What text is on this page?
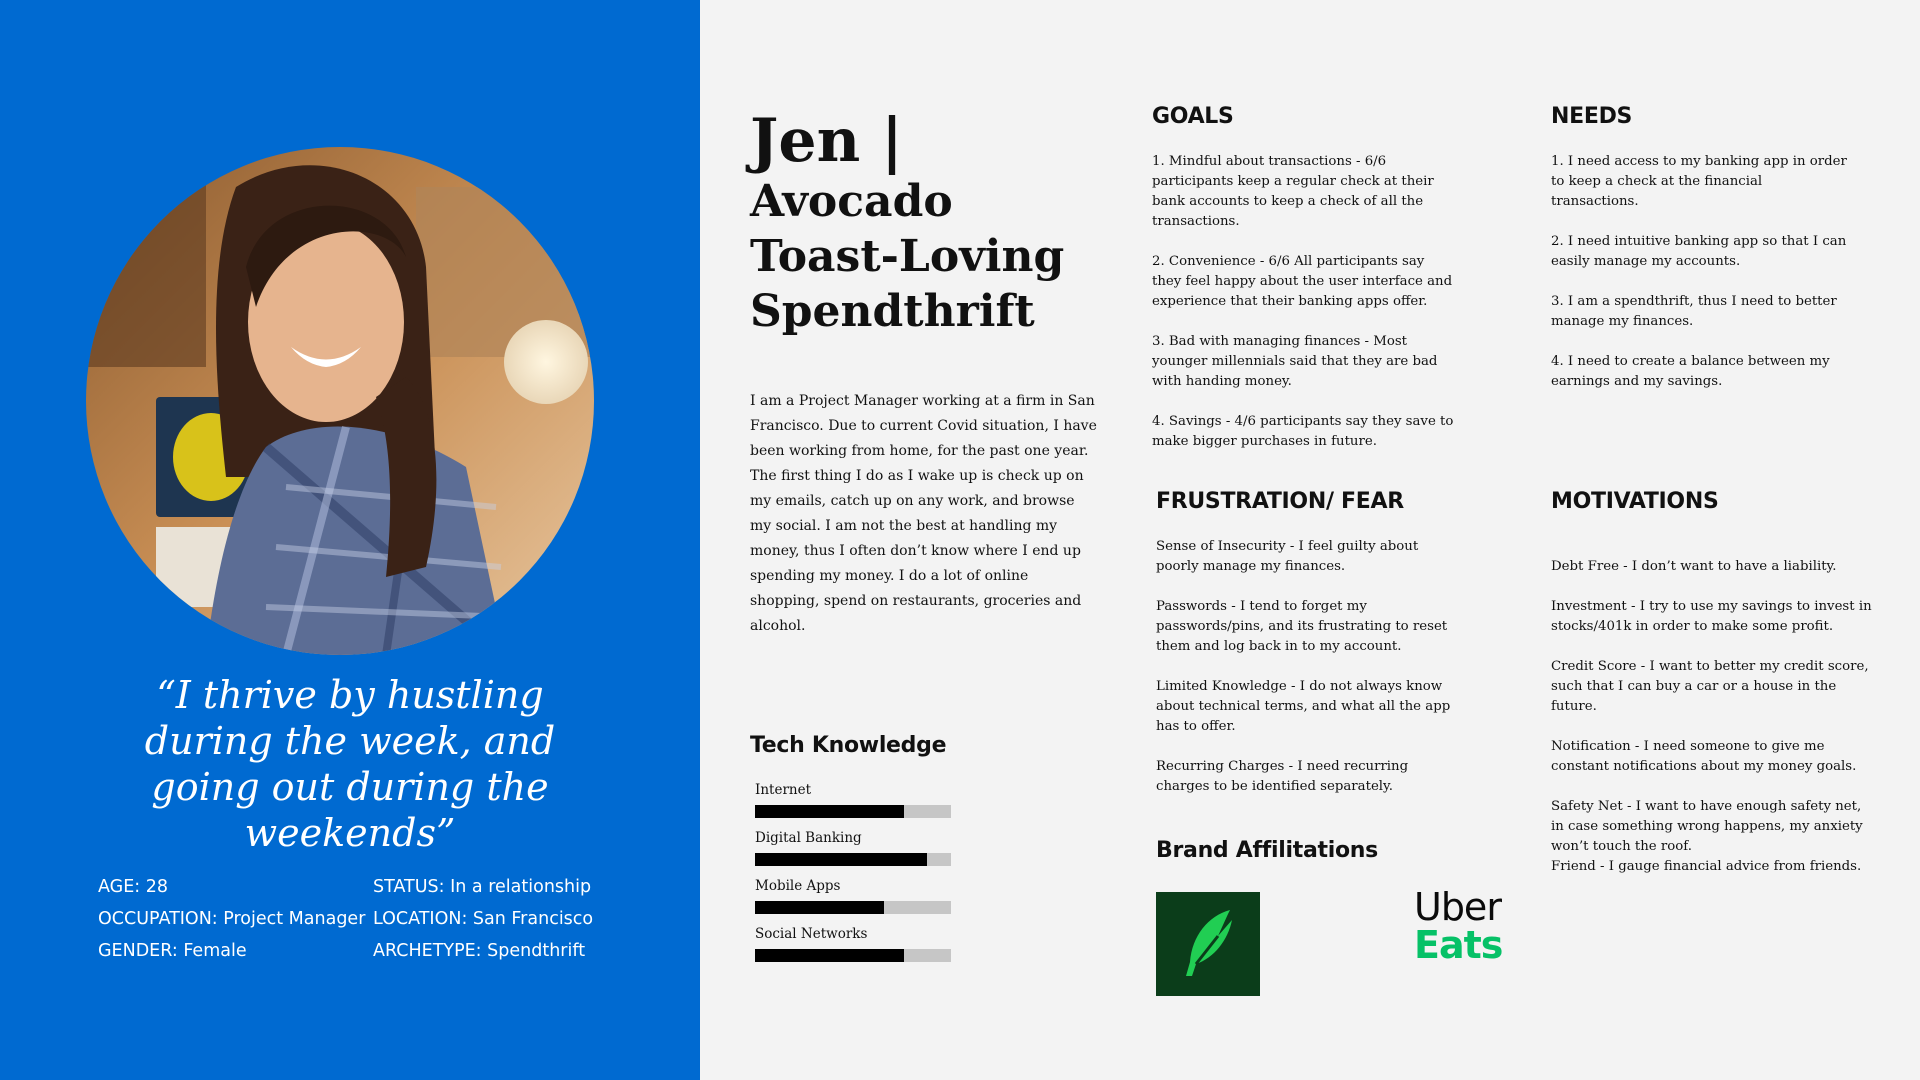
“I thrive by hustling during the week, and going out during the weekends”
AGE: 28
OCCUPATION: Project Manager
GENDER: Female
STATUS: In a relationship
LOCATION: San Francisco
ARCHETYPE: Spendthrift
Jen |
Avocado Toast-Loving Spendthrift
I am a Project Manager working at a firm in San Francisco. Due to current Covid situation, I have been working from home, for the past one year. The first thing I do as I wake up is check up on my emails, catch up on any work, and browse my social. I am not the best at handling my money, thus I often don’t know where I end up spending my money. I do a lot of online shopping, spend on restaurants, groceries and alcohol.
GOALS

1. Mindful about transactions - 6/6 participants keep a regular check at their bank accounts to keep a check of all the transactions.

2. Convenience - 6/6 All participants say they feel happy about the user interface and experience that their banking apps offer.

3. Bad with managing finances - Most younger millennials said that they are bad with handing money.

4. Savings - 4/6 participants say they save to make bigger purchases in future.

NEEDS

1. I need access to my banking app in order to keep a check at the financial transactions.

2. I need intuitive banking app so that I can easily manage my accounts.

3. I am a spendthrift, thus I need to better manage my finances.

4. I need to create a balance between my earnings and my savings.

FRUSTRATION/ FEAR

Sense of Insecurity - I feel guilty about poorly manage my finances.

Passwords - I tend to forget my passwords/pins, and its frustrating to reset them and log back in to my account.

Limited Knowledge - I do not always know about technical terms, and what all the app has to offer.

Recurring Charges - I need recurring charges to be identified separately.

MOTIVATIONS

Debt Free - I don’t want to have a liability.

Investment - I try to use my savings to invest in stocks/401k in order to make some profit.

Credit Score - I want to better my credit score, such that I can buy a car or a house in the future.

Notification - I need someone to give me constant notifications about my money goals.

Safety Net - I want to have enough safety net, in case something wrong happens, my anxiety won’t touch the roof.

Friend - I gauge financial advice from friends.

Tech Knowledge
Internet
Digital Banking
Mobile Apps
Social Networks
Brand Affilitations
Uber
Eats
